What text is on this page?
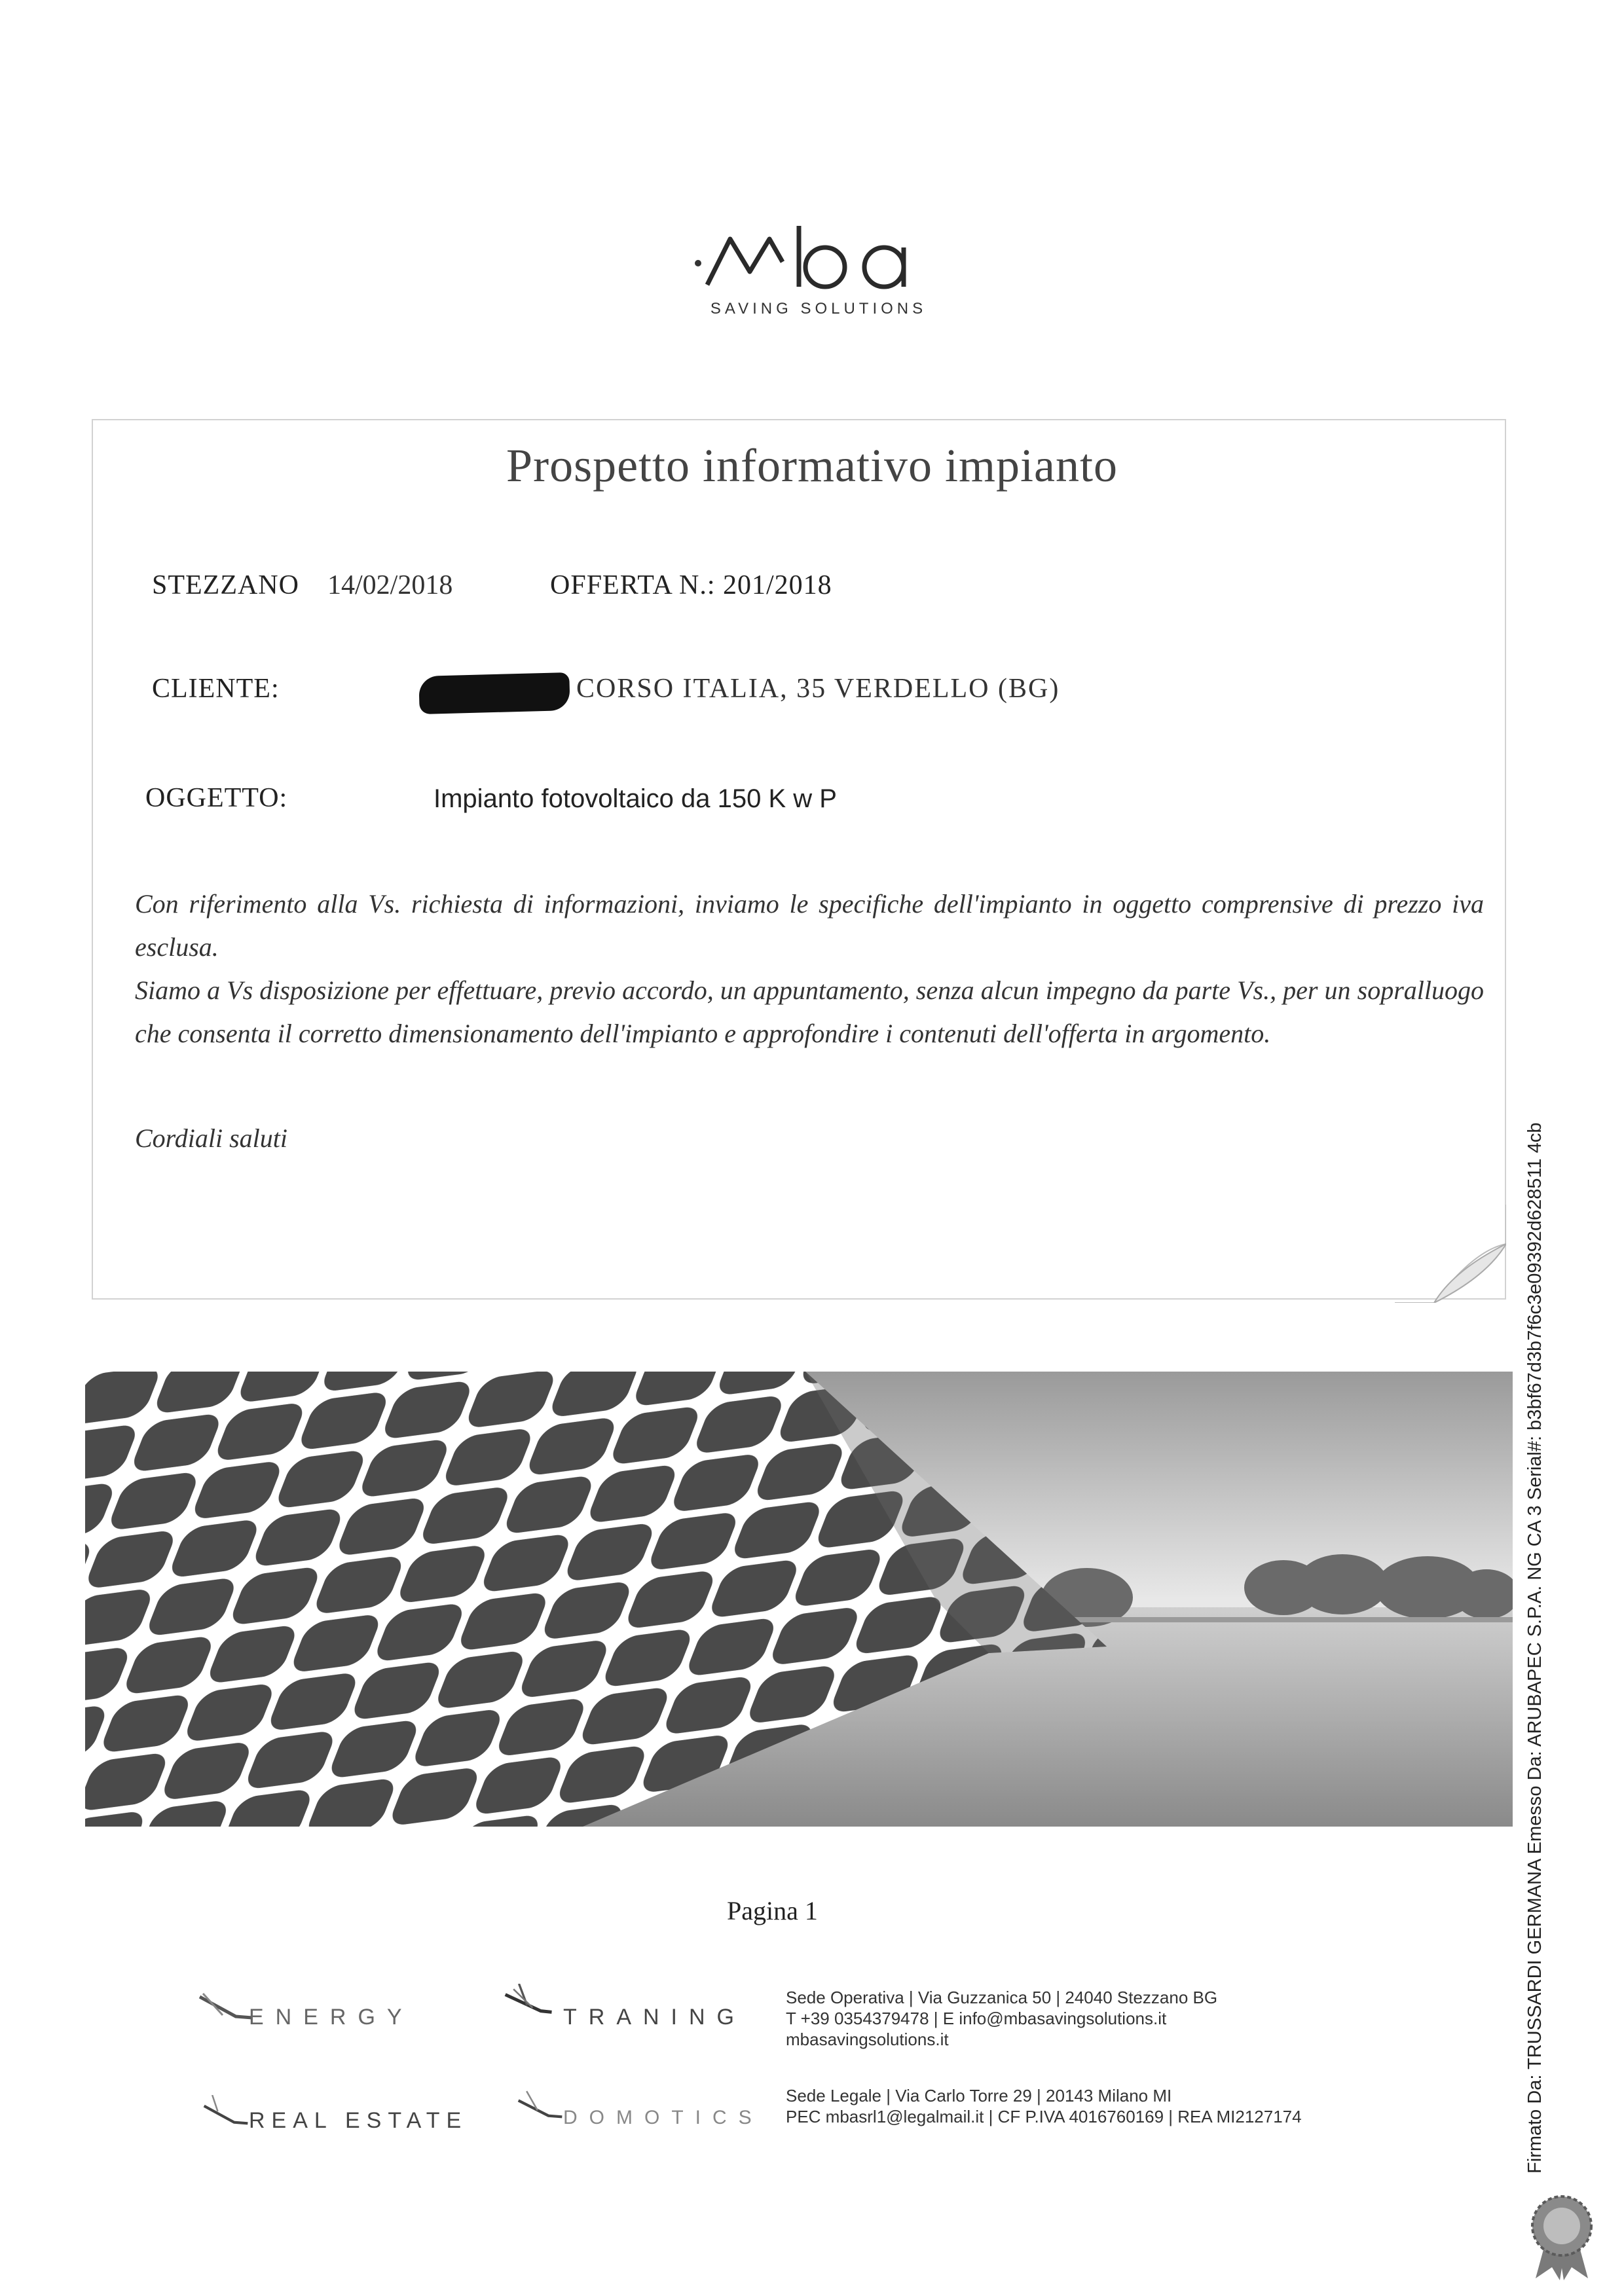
SAVING SOLUTIONS
Prospetto informativo impianto
STEZZANO 14/02/2018	OFFERTA N.: 201/2018
CLIENTE:	CORSO ITALIA, 35 VERDELLO (BG)
OGGETTO:	Impianto fotovoltaico da 150 K w P

Con riferimento alla Vs. richiesta di informazioni, inviamo le specifiche dell'impianto in oggetto comprensive di prezzo iva esclusa.

Siamo a Vs disposizione per effettuare, previo accordo, un appuntamento, senza alcun impegno da parte Vs., per un sopralluogo che consenta il corretto dimensionamento dell'impianto e approfondire i contenuti dell'offerta in argomento.

Cordiali saluti
Pagina 1
ENERGY	TRANING
REAL ESTATE	DOMOTICS
Sede Operativa | Via Guzzanica 50 | 24040 Stezzano BG
T +39 0354379478 | E info@mbasavingsolutions.it
mbasavingsolutions.it
Sede Legale | Via Carlo Torre 29 | 20143 Milano MI
PEC mbasrl1@legalmail.it | CF P.IVA 4016760169 | REA MI2127174	Firmato Da: TRUSSARDI GERMANA Emesso Da: ARUBAPEC S.P.A. NG CA 3 Serial#: b3bf67d3b7f6c3e09392d628511 4cb
